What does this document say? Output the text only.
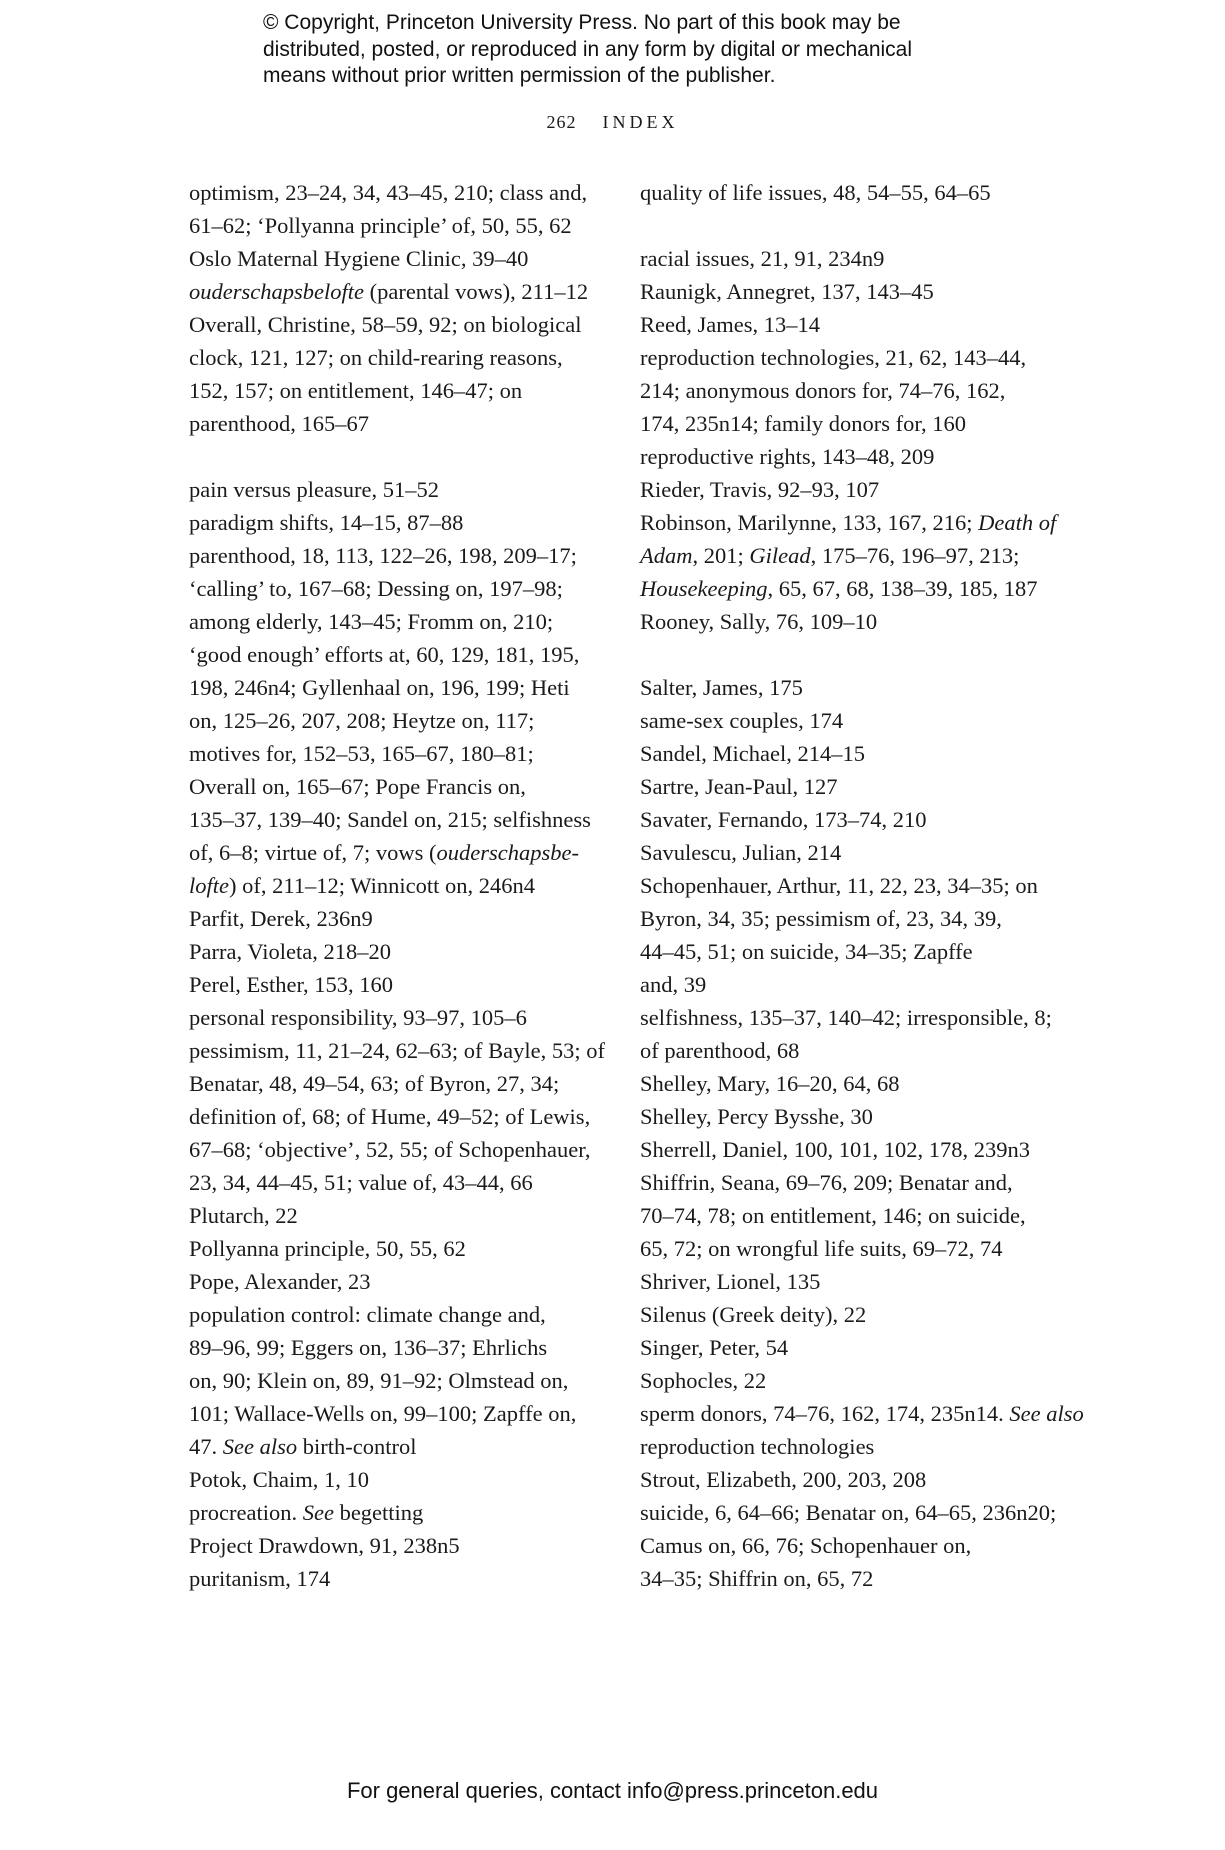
© Copyright, Princeton University Press. No part of this book may be
distributed, posted, or reproduced in any form by digital or mechanical
means without prior written permission of the publisher.
262 INDEX
optimism, 23–24, 34, 43–45, 210; class and,
61–62; ‘Pollyanna principle’ of, 50, 55, 62
Oslo Maternal Hygiene Clinic, 39–40
ouderschapsbelofte (parental vows), 211–12
Overall, Christine, 58–59, 92; on biological
clock, 121, 127; on child-rearing reasons,
152, 157; on entitlement, 146–47; on
parenthood, 165–67
pain versus pleasure, 51–52
paradigm shifts, 14–15, 87–88
parenthood, 18, 113, 122–26, 198, 209–17;
‘calling’ to, 167–68; Dessing on, 197–98;
among elderly, 143–45; Fromm on, 210;
‘good enough’ efforts at, 60, 129, 181, 195,
198, 246n4; Gyllenhaal on, 196, 199; Heti
on, 125–26, 207, 208; Heytze on, 117;
motives for, 152–53, 165–67, 180–81;
Overall on, 165–67; Pope Francis on,
135–37, 139–40; Sandel on, 215; selfishness
of, 6–8; virtue of, 7; vows (ouderschapsbe-
lofte) of, 211–12; Winnicott on, 246n4
Parfit, Derek, 236n9
Parra, Violeta, 218–20
Perel, Esther, 153, 160
personal responsibility, 93–97, 105–6
pessimism, 11, 21–24, 62–63; of Bayle, 53; of
Benatar, 48, 49–54, 63; of Byron, 27, 34;
definition of, 68; of Hume, 49–52; of Lewis,
67–68; ‘objective’, 52, 55; of Schopenhauer,
23, 34, 44–45, 51; value of, 43–44, 66
Plutarch, 22
Pollyanna principle, 50, 55, 62
Pope, Alexander, 23
population control: climate change and,
89–96, 99; Eggers on, 136–37; Ehrlichs
on, 90; Klein on, 89, 91–92; Olmstead on,
101; Wallace-Wells on, 99–100; Zapffe on,
47. See also birth-control
Potok, Chaim, 1, 10
procreation. See begetting
Project Drawdown, 91, 238n5
puritanism, 174
quality of life issues, 48, 54–55, 64–65
racial issues, 21, 91, 234n9
Raunigk, Annegret, 137, 143–45
Reed, James, 13–14
reproduction technologies, 21, 62, 143–44,
214; anonymous donors for, 74–76, 162,
174, 235n14; family donors for, 160
reproductive rights, 143–48, 209
Rieder, Travis, 92–93, 107
Robinson, Marilynne, 133, 167, 216; Death of
Adam, 201; Gilead, 175–76, 196–97, 213;
Housekeeping, 65, 67, 68, 138–39, 185, 187
Rooney, Sally, 76, 109–10
Salter, James, 175
same-sex couples, 174
Sandel, Michael, 214–15
Sartre, Jean-Paul, 127
Savater, Fernando, 173–74, 210
Savulescu, Julian, 214
Schopenhauer, Arthur, 11, 22, 23, 34–35; on
Byron, 34, 35; pessimism of, 23, 34, 39,
44–45, 51; on suicide, 34–35; Zapffe
and, 39
selfishness, 135–37, 140–42; irresponsible, 8;
of parenthood, 68
Shelley, Mary, 16–20, 64, 68
Shelley, Percy Bysshe, 30
Sherrell, Daniel, 100, 101, 102, 178, 239n3
Shiffrin, Seana, 69–76, 209; Benatar and,
70–74, 78; on entitlement, 146; on suicide,
65, 72; on wrongful life suits, 69–72, 74
Shriver, Lionel, 135
Silenus (Greek deity), 22
Singer, Peter, 54
Sophocles, 22
sperm donors, 74–76, 162, 174, 235n14. See also
reproduction technologies
Strout, Elizabeth, 200, 203, 208
suicide, 6, 64–66; Benatar on, 64–65, 236n20;
Camus on, 66, 76; Schopenhauer on,
34–35; Shiffrin on, 65, 72
For general queries, contact info@press.princeton.edu
